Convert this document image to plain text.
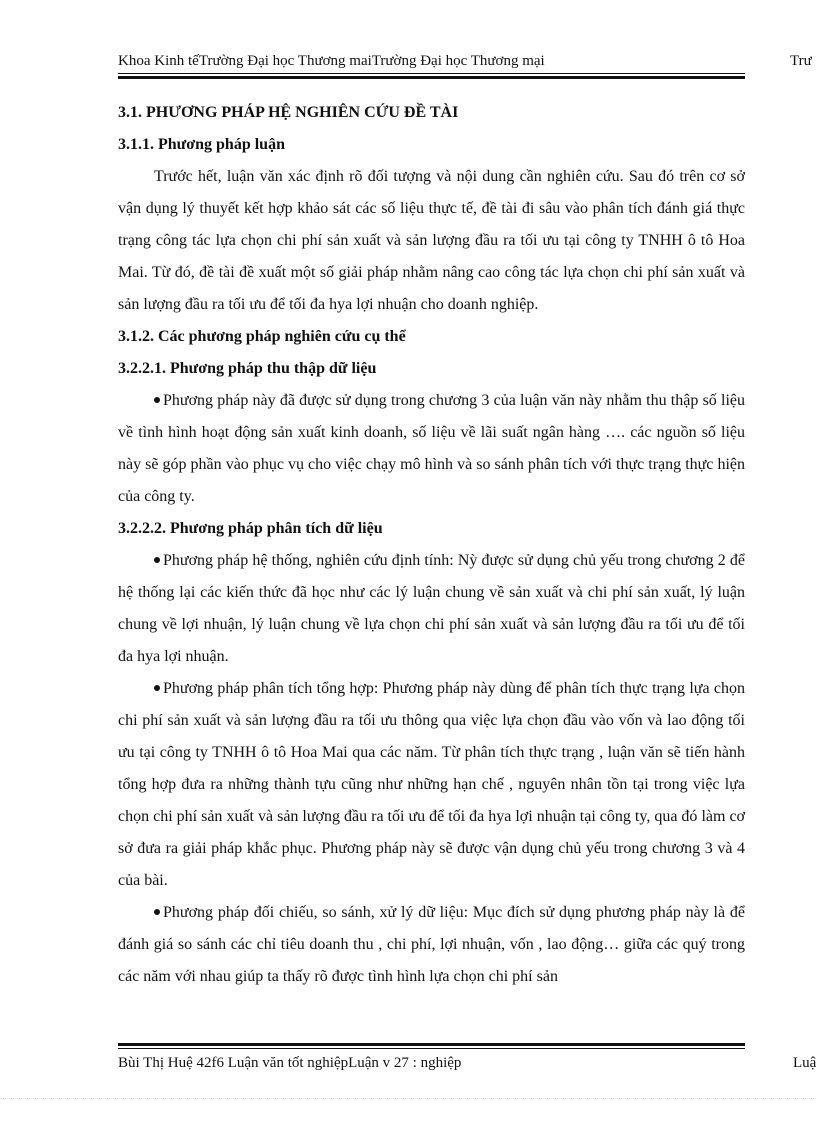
Khoa Kinh tếTrường Đại học Thương maiTrường Đại học Thương mại	Trư

3.1. PHƯƠNG PHÁP HỆ NGHIÊN CỨU ĐỀ TÀI

3.1.1. Phương pháp luận

Trước hết, luận văn xác định rõ đối tượng và nội dung cần nghiên cứu. Sau đó trên cơ sở vận dụng lý thuyết kết hợp khảo sát các số liệu thực tế, đề tài đi sâu vào phân tích đánh giá thực trạng công tác lựa chọn chi phí sản xuất và sản lượng đầu ra tối ưu tại công ty TNHH ô tô Hoa Mai. Từ đó, đề tài đề xuất một số giải pháp nhằm nâng cao công tác lựa chọn chi phí sản xuất và sản lượng đầu ra tối ưu để tối đa hya lợi nhuận cho doanh nghiệp.

3.1.2. Các phương pháp nghiên cứu cụ thể

3.2.2.1. Phương pháp thu thập dữ liệu

Phương pháp này đã được sử dụng trong chương 3 của luận văn này nhằm thu thập số liệu về tình hình hoạt động sản xuất kinh doanh, số liệu về lãi suất ngân hàng …. các nguồn số liệu này sẽ góp phần vào phục vụ cho việc chạy mô hình và so sánh phân tích với thực trạng thực hiện của công ty.

3.2.2.2. Phương pháp phân tích dữ liệu

Phương pháp hệ thống, nghiên cứu định tính: Nỳ được sử dụng chủ yếu trong chương 2 để hệ thống lại các kiến thức đã học như các lý luận chung về sản xuất và chi phí sản xuất, lý luận chung về lợi nhuận, lý luận chung về lựa chọn chi phí sản xuất và sản lượng đầu ra tối ưu để tối đa hya lợi nhuận.

Phương pháp phân tích tổng hợp: Phương pháp này dùng để phân tích thực trạng lựa chọn chi phí sản xuất và sản lượng đầu ra tối ưu thông qua việc lựa chọn đầu vào vốn và lao động tối ưu tại công ty TNHH ô tô Hoa Mai qua các năm. Từ phân tích thực trạng , luận văn sẽ tiến hành tổng hợp đưa ra những thành tựu cũng như những hạn chế , nguyên nhân tồn tại trong việc lựa chọn chi phí sản xuất và sản lượng đầu ra tối ưu để tối đa hya lợi nhuận tại công ty, qua đó làm cơ sở đưa ra giải pháp khắc phục. Phương pháp này sẽ được vận dụng chủ yếu trong chương 3 và 4 của bài.

Phương pháp đối chiếu, so sánh, xử lý dữ liệu: Mục đích sử dụng phương pháp này là để đánh giá so sánh các chỉ tiêu doanh thu , chi phí, lợi nhuận, vốn , lao động… giữa các quý trong các năm với nhau giúp ta thấy rõ được tình hình lựa chọn chi phí sản

Bùi Thị Huệ 42f6 Luận văn tốt nghiệpLuận v 27 : nghiệp	Luậ
